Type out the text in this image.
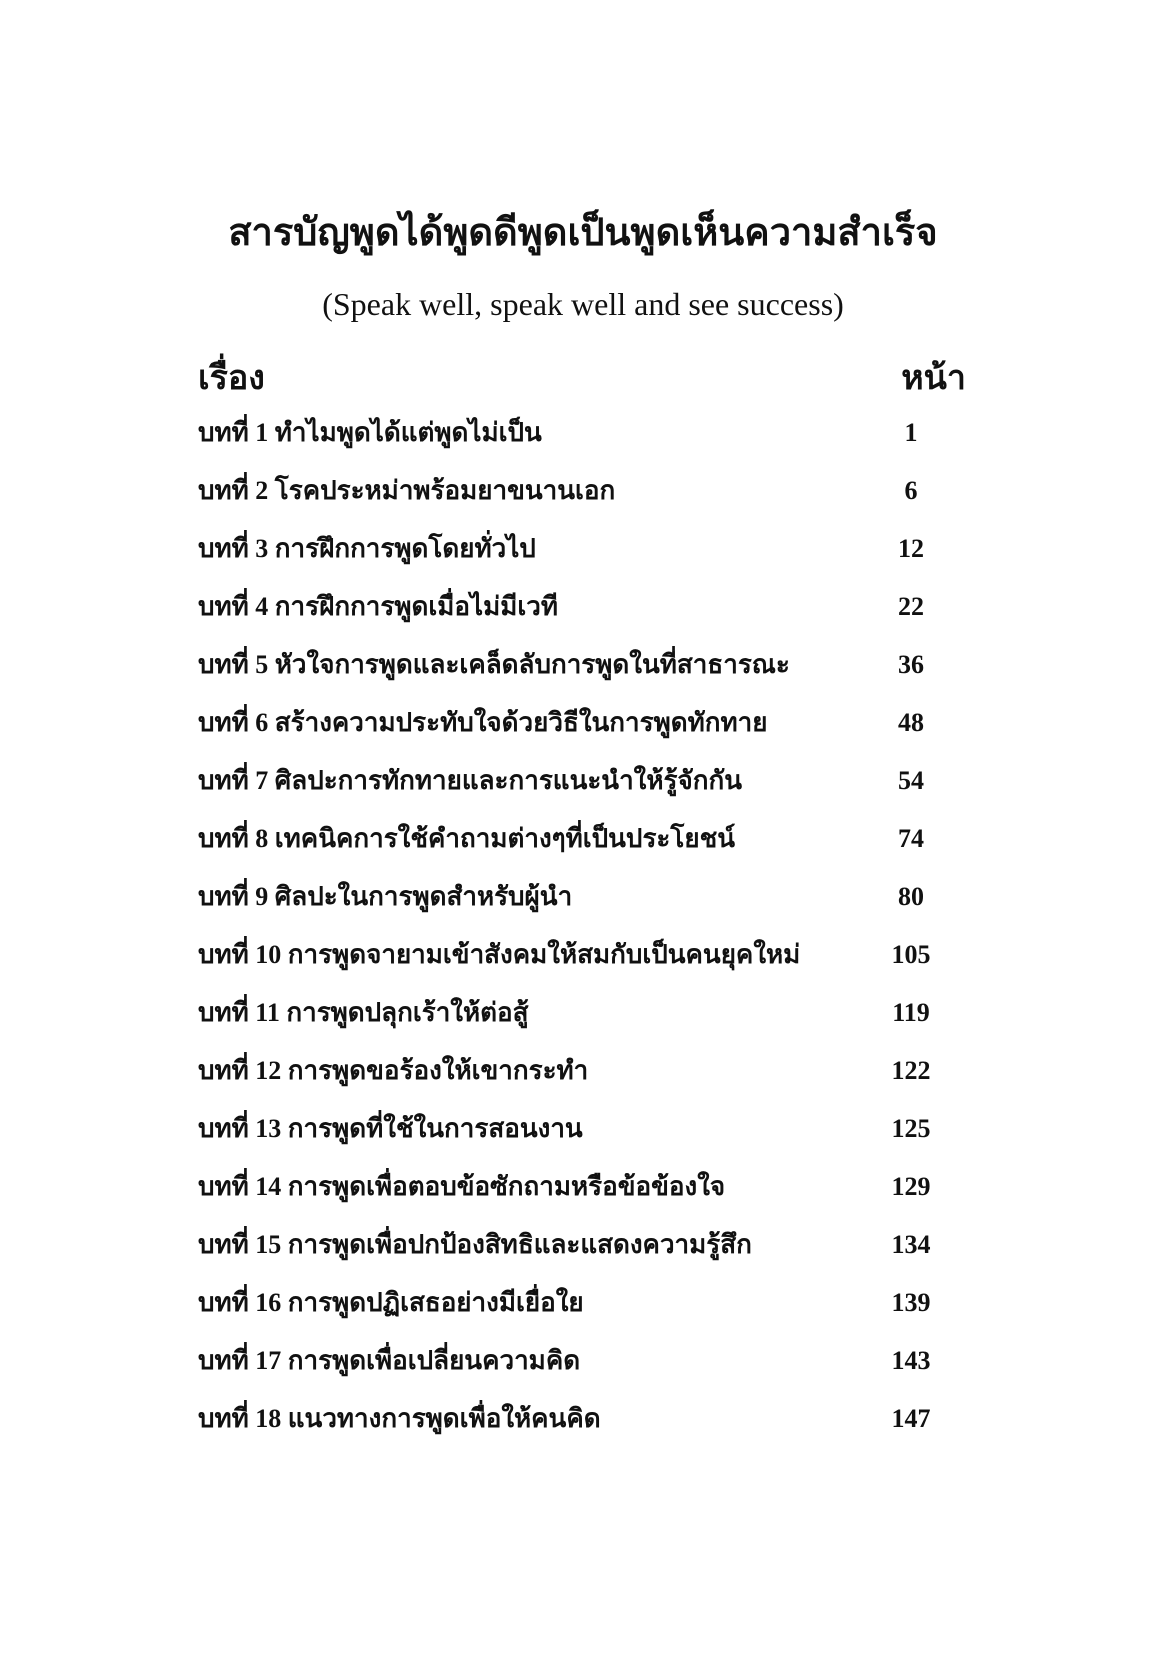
สารบัญพูดได้พูดดีพูดเป็นพูดเห็นความสำเร็จ

(Speak well, speak well and see success)

เรื่อง	หน้า
บทที่ 1 ทำไมพูดได้แต่พูดไม่เป็น	1
บทที่ 2 โรคประหม่าพร้อมยาขนานเอก	6
บทที่ 3 การฝึกการพูดโดยทั่วไป	12
บทที่ 4 การฝึกการพูดเมื่อไม่มีเวที	22
บทที่ 5 หัวใจการพูดและเคล็ดลับการพูดในที่สาธารณะ	36
บทที่ 6 สร้างความประทับใจด้วยวิธีในการพูดทักทาย	48
บทที่ 7 ศิลปะการทักทายและการแนะนำให้รู้จักกัน	54
บทที่ 8 เทคนิคการใช้คำถามต่างๆที่เป็นประโยชน์	74
บทที่ 9 ศิลปะในการพูดสำหรับผู้นำ	80
บทที่ 10 การพูดจายามเข้าสังคมให้สมกับเป็นคนยุคใหม่	105
บทที่ 11 การพูดปลุกเร้าให้ต่อสู้	119
บทที่ 12 การพูดขอร้องให้เขากระทำ	122
บทที่ 13 การพูดที่ใช้ในการสอนงาน	125
บทที่ 14 การพูดเพื่อตอบข้อซักถามหรือข้อข้องใจ	129
บทที่ 15 การพูดเพื่อปกป้องสิทธิและแสดงความรู้สึก	134
บทที่ 16 การพูดปฏิเสธอย่างมีเยื่อใย	139
บทที่ 17 การพูดเพื่อเปลี่ยนความคิด	143
บทที่ 18 แนวทางการพูดเพื่อให้คนคิด	147
